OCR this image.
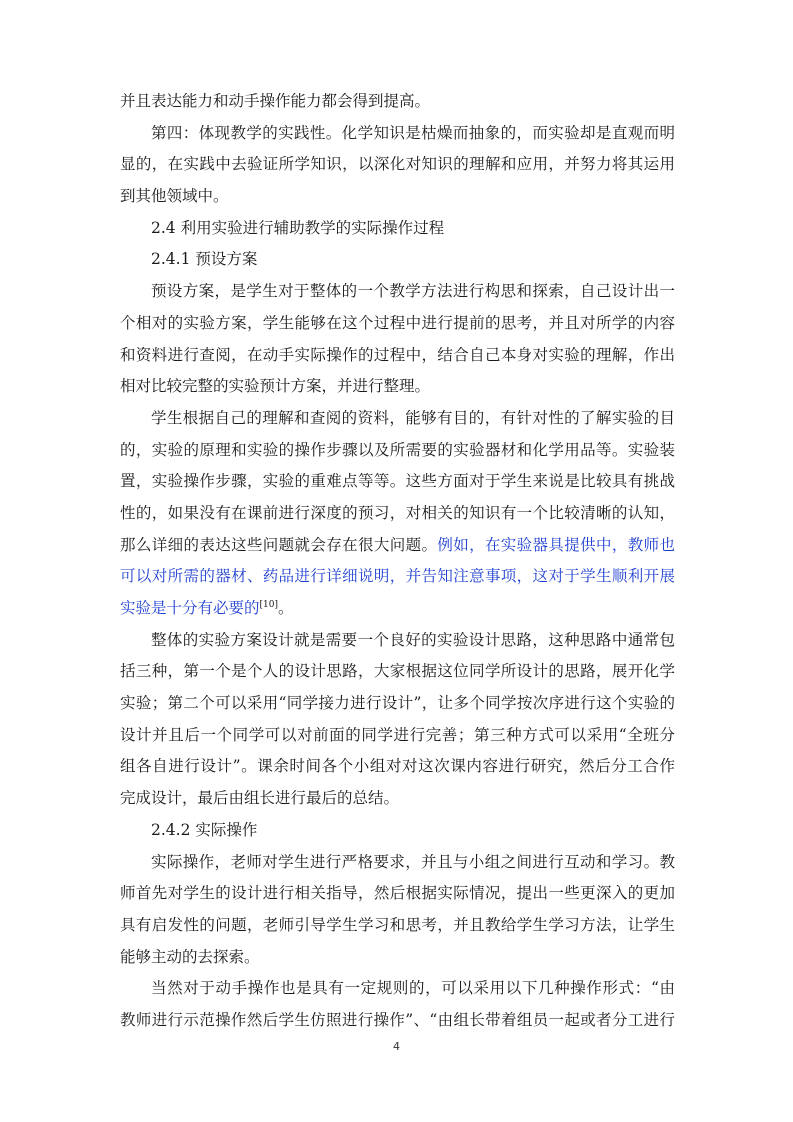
并且表达能力和动手操作能力都会得到提高。
第四：体现教学的实践性。化学知识是枯燥而抽象的，而实验却是直观而明
显的，在实践中去验证所学知识，以深化对知识的理解和应用，并努力将其运用
到其他领域中。
2.4 利用实验进行辅助教学的实际操作过程
2.4.1 预设方案
预设方案，是学生对于整体的一个教学方法进行构思和探索，自己设计出一
个相对的实验方案，学生能够在这个过程中进行提前的思考，并且对所学的内容
和资料进行查阅，在动手实际操作的过程中，结合自己本身对实验的理解，作出
相对比较完整的实验预计方案，并进行整理。
学生根据自己的理解和查阅的资料，能够有目的，有针对性的了解实验的目
的，实验的原理和实验的操作步骤以及所需要的实验器材和化学用品等。实验装
置，实验操作步骤，实验的重难点等等。这些方面对于学生来说是比较具有挑战
性的，如果没有在课前进行深度的预习，对相关的知识有一个比较清晰的认知，
那么详细的表达这些问题就会存在很大问题。例如，在实验器具提供中，教师也
可以对所需的器材、药品进行详细说明，并告知注意事项，这对于学生顺利开展
实验是十分有必要的[10]。
整体的实验方案设计就是需要一个良好的实验设计思路，这种思路中通常包
括三种，第一个是个人的设计思路，大家根据这位同学所设计的思路，展开化学
实验；第二个可以采用“同学接力进行设计”，让多个同学按次序进行这个实验的
设计并且后一个同学可以对前面的同学进行完善；第三种方式可以采用“全班分
组各自进行设计”。课余时间各个小组对对这次课内容进行研究，然后分工合作
完成设计，最后由组长进行最后的总结。
2.4.2 实际操作
实际操作，老师对学生进行严格要求，并且与小组之间进行互动和学习。教
师首先对学生的设计进行相关指导，然后根据实际情况，提出一些更深入的更加
具有启发性的问题，老师引导学生学习和思考，并且教给学生学习方法，让学生
能够主动的去探索。
当然对于动手操作也是具有一定规则的，可以采用以下几种操作形式：“由
教师进行示范操作然后学生仿照进行操作”、“由组长带着组员一起或者分工进行
4
